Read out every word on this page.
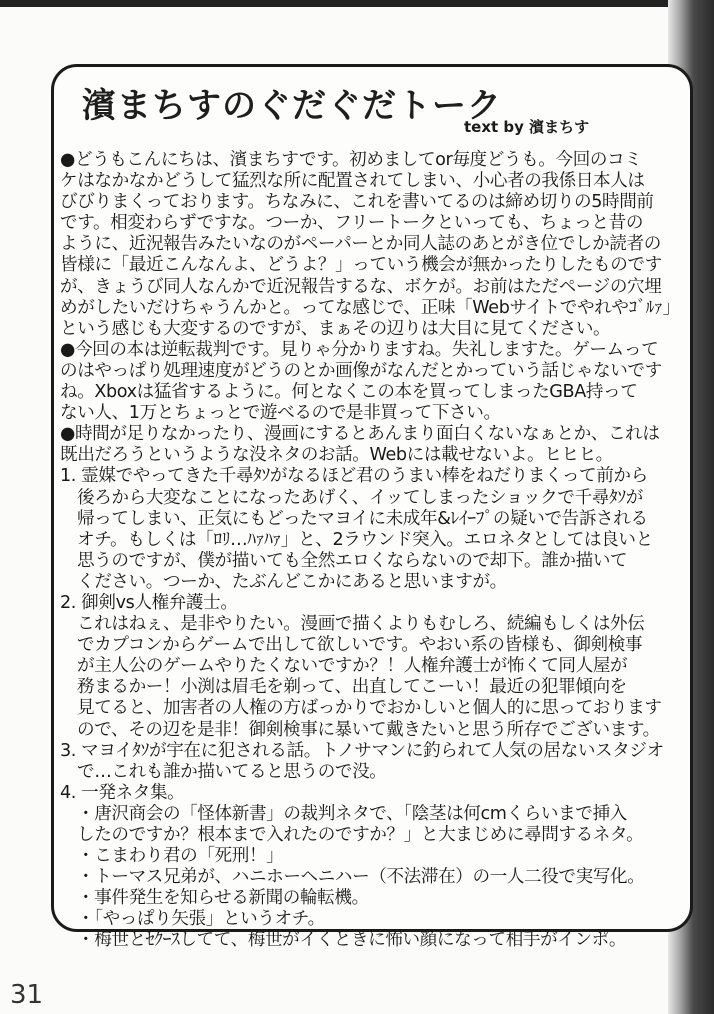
濱まちすのぐだぐだトーク
text by 濱まちす
●どうもこんにちは、濱まちすです。初めましてor毎度どうも。今回のコミ
ケはなかなかどうして猛烈な所に配置されてしまい、小心者の我係日本人は
びびりまくっております。ちなみに、これを書いてるのは締め切りの5時間前
です。相変わらずですな。つーか、フリートークといっても、ちょっと昔の
ように、近況報告みたいなのがペーパーとか同人誌のあとがき位でしか読者の
皆様に「最近こんなんよ、どうよ？」っていう機会が無かったりしたものです
が、きょうび同人なんかで近況報告するな、ボケが。お前はただページの穴埋
めがしたいだけちゃうんかと。ってな感じで、正味「Webサイトでやれやｺﾞﾙｧ」
という感じも大変するのですが、まぁその辺りは大目に見てください。
●今回の本は逆転裁判です。見りゃ分かりますね。失礼しますた。ゲームって
のはやっぱり処理速度がどうのとか画像がなんだとかっていう話じゃないです
ね。Xboxは猛省するように。何となくこの本を買ってしまったGBA持って
ない人、1万とちょっとで遊べるので是非買って下さい。
●時間が足りなかったり、漫画にするとあんまり面白くないなぁとか、これは
既出だろうというような没ネタのお話。Webには載せないよ。ヒヒヒ。
1. 霊媒でやってきた千尋ﾀｿがなるほど君のうまい棒をねだりまくって前から
後ろから大変なことになったあげく、イッてしまったショックで千尋ﾀｿが
帰ってしまい、正気にもどったマヨイに未成年&ﾚｲｰﾌﾟの疑いで告訴される
オチ。もしくは「ﾛﾘ…ﾊｧﾊｧ」と、2ラウンド突入。エロネタとしては良いと
思うのですが、僕が描いても全然エロくならないので却下。誰か描いて
ください。つーか、たぶんどこかにあると思いますが。
2. 御剣vs人権弁護士。
これはねぇ、是非やりたい。漫画で描くよりもむしろ、続編もしくは外伝
でカプコンからゲームで出して欲しいです。やおい系の皆様も、御剣検事
が主人公のゲームやりたくないですか？！人権弁護士が怖くて同人屋が
務まるかー！小渕は眉毛を剃って、出直してこーい！最近の犯罪傾向を
見てると、加害者の人権の方ばっかりでおかしいと個人的に思っております
ので、その辺を是非！御剣検事に暴いて戴きたいと思う所存でございます。
3. マヨイﾀｿが宇在に犯される話。トノサマンに釣られて人気の居ないスタジオ
で…これも誰か描いてると思うので没。
4. 一発ネタ集。
・唐沢商会の「怪体新書」の裁判ネタで、「陰茎は何cmくらいまで挿入
したのですか？根本まで入れたのですか？」と大まじめに尋問するネタ。
・こまわり君の「死刑！」
・トーマス兄弟が、ハニホーヘニハー（不法滞在）の一人二役で実写化。
・事件発生を知らせる新聞の輪転機。
・「やっぱり矢張」というオチ。
・梅世とｾｸｰｽしてて、梅世がイくときに怖い顔になって相手がインポ。
31
